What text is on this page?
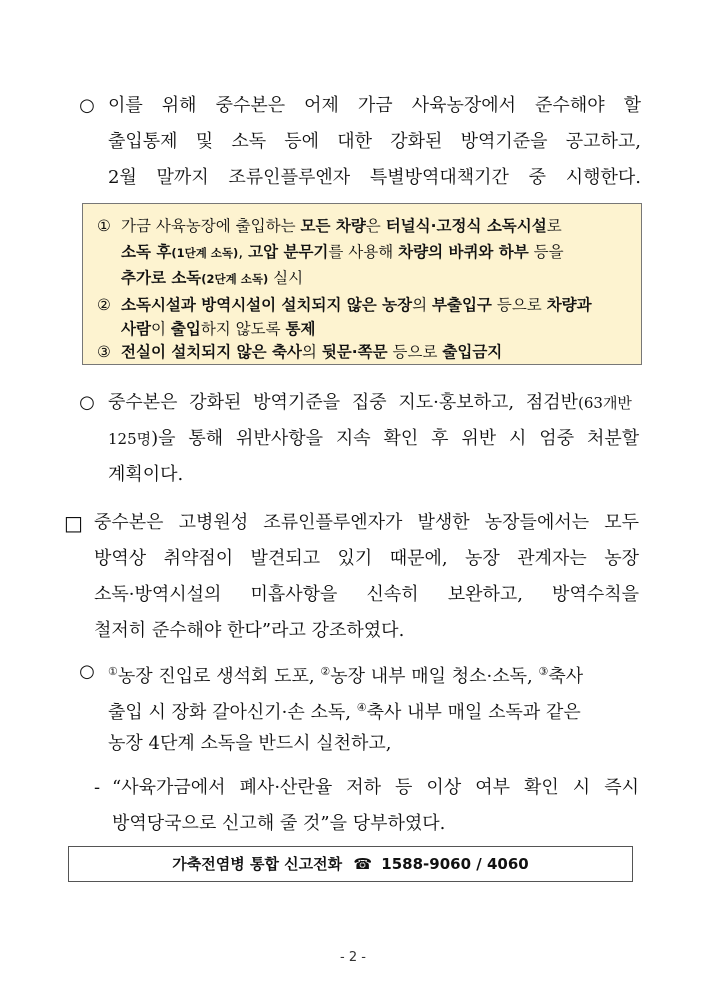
○ 이를 위해 중수본은 어제 가금 사육농장에서 준수해야 할
출입통제 및 소독 등에 대한 강화된 방역기준을 공고하고,
2월 말까지 조류인플루엔자 특별방역대책기간 중 시행한다.
① 가금 사육농장에 출입하는 모든 차량은 터널식·고정식 소독시설로
소독 후(1단계 소독), 고압 분무기를 사용해 차량의 바퀴와 하부 등을
추가로 소독(2단계 소독) 실시
② 소독시설과 방역시설이 설치되지 않은 농장의 부출입구 등으로 차량과
사람이 출입하지 않도록 통제
③ 전실이 설치되지 않은 축사의 뒷문·쪽문 등으로 출입금지
○ 중수본은 강화된 방역기준을 집중 지도·홍보하고, 점검반(63개반
125명)을 통해 위반사항을 지속 확인 후 위반 시 엄중 처분할
계획이다.
□ 중수본은 고병원성 조류인플루엔자가 발생한 농장들에서는 모두
방역상 취약점이 발견되고 있기 때문에, 농장 관계자는 농장
소독·방역시설의 미흡사항을 신속히 보완하고, 방역수칙을
철저히 준수해야 한다”라고 강조하였다.
○ ①농장 진입로 생석회 도포, ②농장 내부 매일 청소·소독, ③축사
출입 시 장화 갈아신기·손 소독, ④축사 내부 매일 소독과 같은
농장 4단계 소독을 반드시 실천하고,
- “사육가금에서 폐사·산란율 저하 등 이상 여부 확인 시 즉시
방역당국으로 신고해 줄 것”을 당부하였다.
가축전염병 통합 신고전화 ☎ 1588-9060 / 4060
- 2 -
